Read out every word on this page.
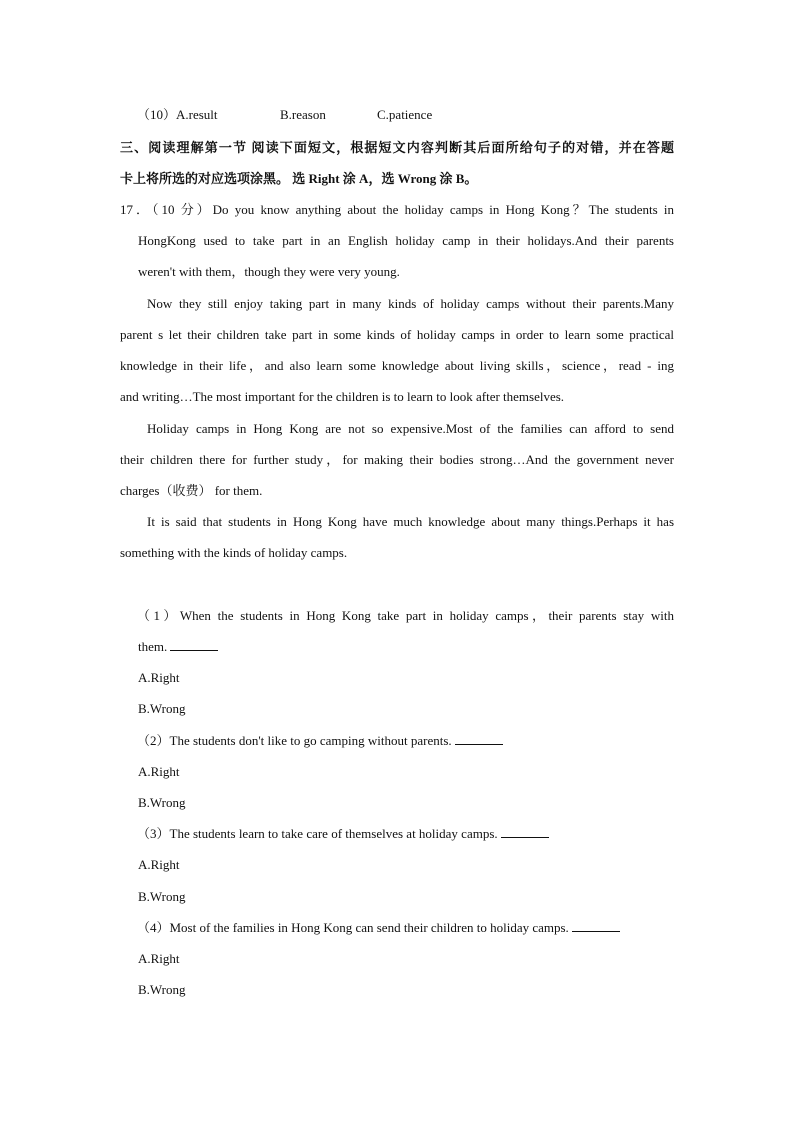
（10）A.result	B.reason	C.patience
三、阅读理解第一节 阅读下面短文，根据短文内容判断其后面所给句子的对错，并在答题
卡上将所选的对应选项涂黑。 选 Right 涂 A，选 Wrong 涂 B。
17．（10 分）Do you know anything about the holiday camps in Hong Kong？The students in
HongKong used to take part in an English holiday camp in their holidays.And their parents
weren't with them，though they were very young.
Now they still enjoy taking part in many kinds of holiday camps without their parents.Many
parent s let their children take part in some kinds of holiday camps in order to learn some practical
knowledge in their life，and also learn some knowledge about living skills，science，read - ing
and writing…The most important for the children is to learn to look after themselves.
Holiday camps in Hong Kong are not so expensive.Most of the families can afford to send
their children there for further study，for making their bodies strong…And the government never
charges（收费） for them.
It is said that students in Hong Kong have much knowledge about many things.Perhaps it has
something with the kinds of holiday camps.
（1）When the students in Hong Kong take part in holiday camps，their parents stay with
them.
A.Right
B.Wrong
（2）The students don't like to go camping without parents.
A.Right
B.Wrong
（3）The students learn to take care of themselves at holiday camps.
A.Right
B.Wrong
（4）Most of the families in Hong Kong can send their children to holiday camps.
A.Right
B.Wrong
